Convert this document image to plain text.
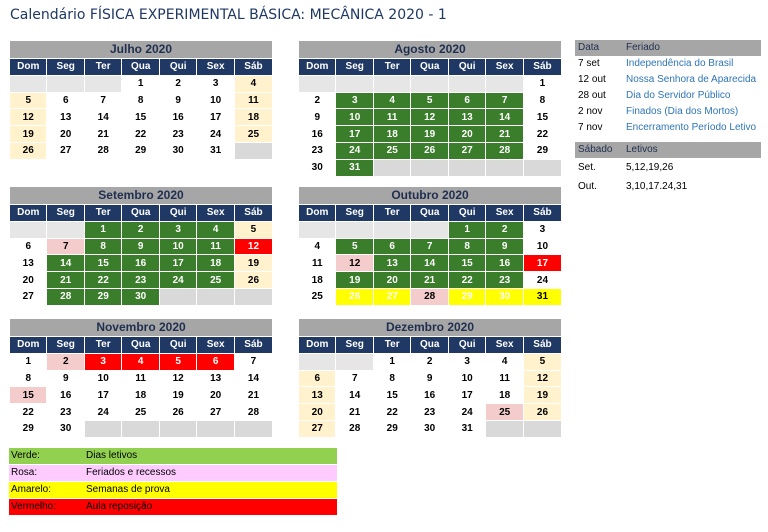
Calendário FÍSICA EXPERIMENTAL BÁSICA: MECÂNICA 2020 - 1
Julho 2020						
Dom	Seg	Ter	Qua	Qui	Sex	Sáb
			1	2	3	4
5	6	7	8	9	10	11
12	13	14	15	16	17	18
19	20	21	22	23	24	25
26	27	28	29	30	31	
Agosto 2020						
Dom	Seg	Ter	Qua	Qui	Sex	Sáb
						1
2	3	4	5	6	7	8
9	10	11	12	13	14	15
16	17	18	19	20	21	22
23	24	25	26	27	28	29
30	31					
Setembro 2020						
Dom	Seg	Ter	Qua	Qui	Sex	Sáb
		1	2	3	4	5
6	7	8	9	10	11	12
13	14	15	16	17	18	19
20	21	22	23	24	25	26
27	28	29	30			
Outubro 2020						
Dom	Seg	Ter	Qua	Qui	Sex	Sáb
				1	2	3
4	5	6	7	8	9	10
11	12	13	14	15	16	17
18	19	20	21	22	23	24
25	26	27	28	29	30	31
Novembro 2020						
Dom	Seg	Ter	Qua	Qui	Sex	Sáb
1	2	3	4	5	6	7
8	9	10	11	12	13	14
15	16	17	18	19	20	21
22	23	24	25	26	27	28
29	30					
Dezembro 2020						
Dom	Seg	Ter	Qua	Qui	Sex	Sáb
		1	2	3	4	5
6	7	8	9	10	11	12
13	14	15	16	17	18	19
20	21	22	23	24	25	26
27	28	29	30	31		
Data	Feriado
7 set	Independência do Brasil
12 out	Nossa Senhora de Aparecida
28 out	Dia do Servidor Público
2 nov	Finados (Dia dos Mortos)
7 nov	Encerramento Período Letivo
Sábado	Letivos
Set.	5,12,19,26
Out.	3,10,17.24,31
Verde:	Dias letivos
Rosa:	Feriados e recessos
Amarelo:	Semanas de prova
Vermelho:	Aula reposição
